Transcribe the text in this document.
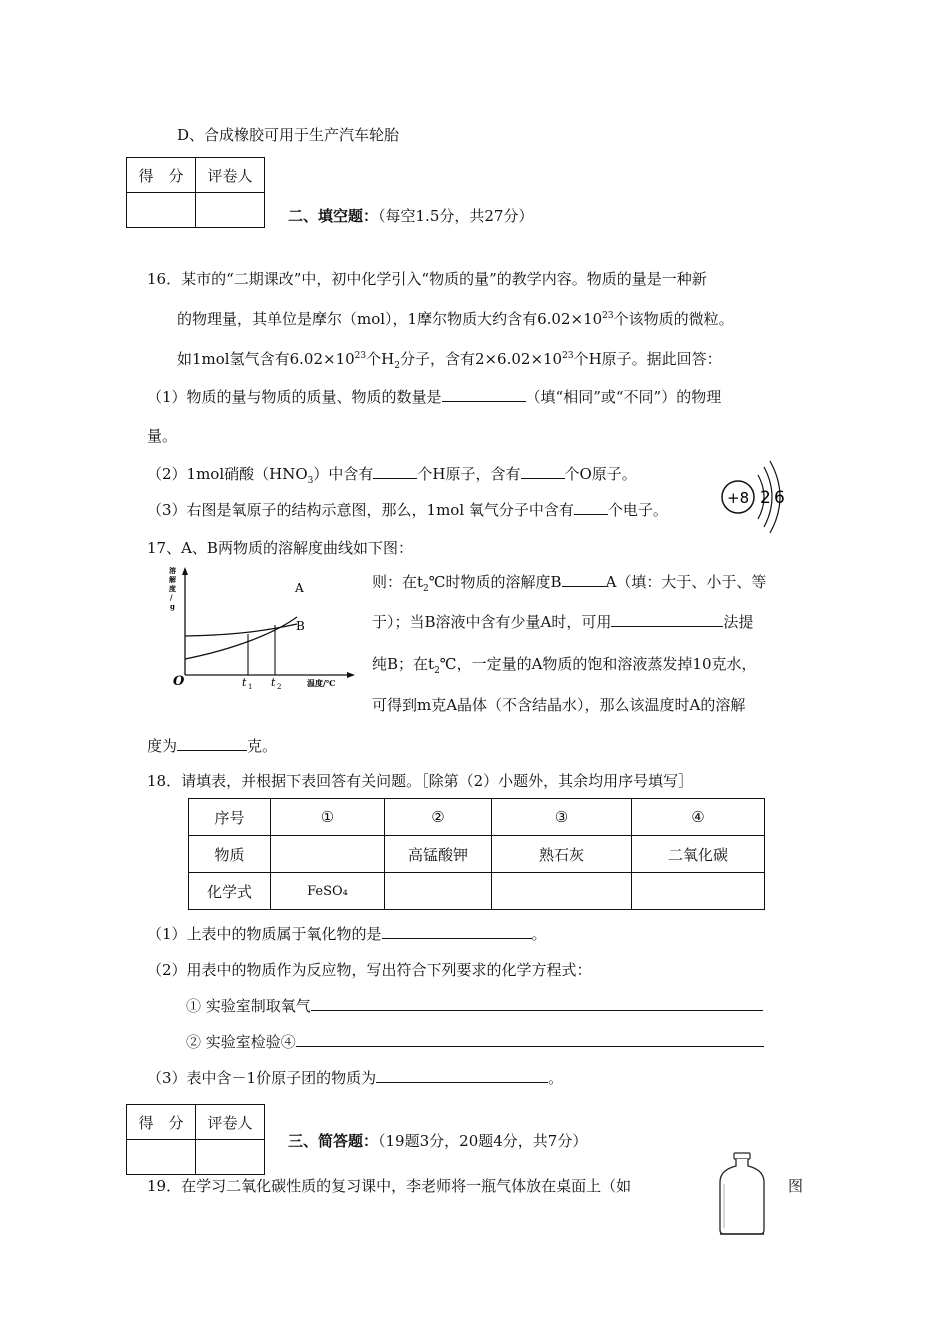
D、合成橡胶可用于生产汽车轮胎
得　分	评卷人

二、填空题：（每空1.5分，共27分）
16．某市的“二期课改”中，初中化学引入“物质的量”的教学内容。物质的量是一种新
的物理量，其单位是摩尔（mol），1摩尔物质大约含有$6.02\times 10^{23}$个该物质的微粒。
如1mol氢气含有$6.02\times 10^{23}$个$H_2$分子，含有$2\times 6.02\times 10^{23}$个H原子。据此回答：
（1）物质的量与物质的质量、物质的数量是	（填“相同”或“不同”）的物理
量。
（2）1mol硝酸$(HNO_3)$中含有	个H原子，含有	个O原子。
（3）右图是氧原子的结构示意图，那么，1mol 氧气分子中含有 个电子。
+8 2 6
17、A、B两物质的溶解度曲线如下图：
溶
解
度
/
g
O
A
B
t 1 t 2	温度/℃
则：在$t_2℃$时物质的溶解度B	A（填：大于、小于、等
于）；当B溶液中含有少量A时，可用	法提
纯B；在$t_2℃$，一定量的A物质的饱和溶液蒸发掉10克水，
可得到m克A晶体（不含结晶水），那么该温度时A的溶解
度为	克。
18．请填表，并根据下表回答有关问题。［除第（2）小题外，其余均用序号填写］
序号	①	②	③	④
物质		高锰酸钾	熟石灰	二氧化碳
化学式	FeSO₄			
（1）上表中的物质属于氧化物的是	。
（2）用表中的物质作为反应物，写出符合下列要求的化学方程式：
① 实验室制取氧气
② 实验室检验④
（3）表中含－1价原子团的物质为	。
得　分	评卷人

三、简答题：（19题3分，20题4分，共7分）
19．在学习二氧化碳性质的复习课中，李老师将一瓶气体放在桌面上（如	图
